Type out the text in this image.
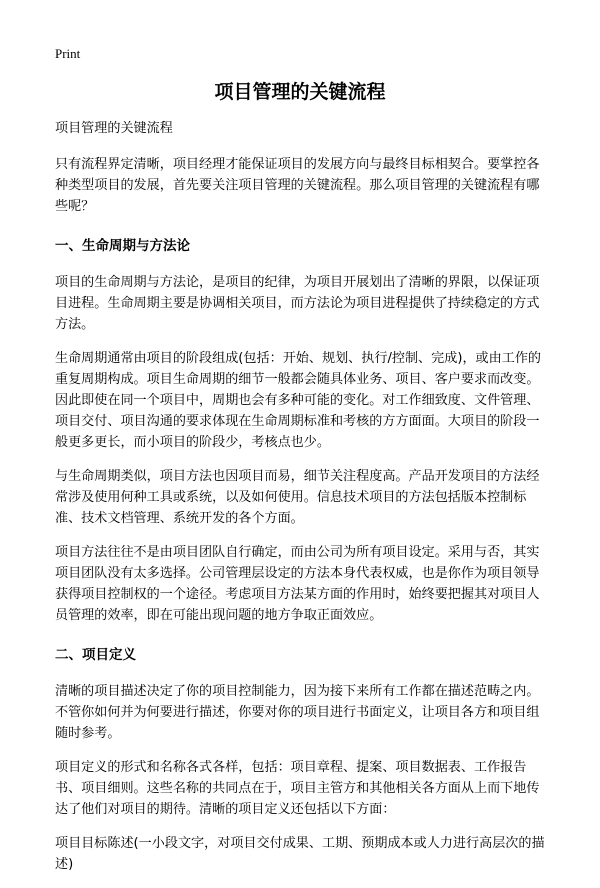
Print
项目管理的关键流程

项目管理的关键流程

只有流程界定清晰，项目经理才能保证项目的发展方向与最终目标相契合。要掌控各种类型项目的发展，首先要关注项目管理的关键流程。那么项目管理的关键流程有哪些呢？

一、生命周期与方法论

项目的生命周期与方法论，是项目的纪律，为项目开展划出了清晰的界限，以保证项目进程。生命周期主要是协调相关项目，而方法论为项目进程提供了持续稳定的方式方法。

生命周期通常由项目的阶段组成(包括：开始、规划、执行/控制、完成)，或由工作的重复周期构成。项目生命周期的细节一般都会随具体业务、项目、客户要求而改变。因此即使在同一个项目中，周期也会有多种可能的变化。对工作细致度、文件管理、项目交付、项目沟通的要求体现在生命周期标准和考核的方方面面。大项目的阶段一般更多更长，而小项目的阶段少，考核点也少。

与生命周期类似，项目方法也因项目而易，细节关注程度高。产品开发项目的方法经常涉及使用何种工具或系统，以及如何使用。信息技术项目的方法包括版本控制标准、技术文档管理、系统开发的各个方面。

项目方法往往不是由项目团队自行确定，而由公司为所有项目设定。采用与否，其实项目团队没有太多选择。公司管理层设定的方法本身代表权威，也是你作为项目领导获得项目控制权的一个途径。考虑项目方法某方面的作用时，始终要把握其对项目人员管理的效率，即在可能出现问题的地方争取正面效应。

二、项目定义

清晰的项目描述决定了你的项目控制能力，因为接下来所有工作都在描述范畴之内。不管你如何并为何要进行描述，你要对你的项目进行书面定义，让项目各方和项目组随时参考。

项目定义的形式和名称各式各样，包括：项目章程、提案、项目数据表、工作报告书、项目细则。这些名称的共同点在于，项目主管方和其他相关各方面从上而下地传达了他们对项目的期待。清晰的项目定义还包括以下方面：

项目目标陈述(一小段文字，对项目交付成果、工期、预期成本或人力进行高层次的描述)
